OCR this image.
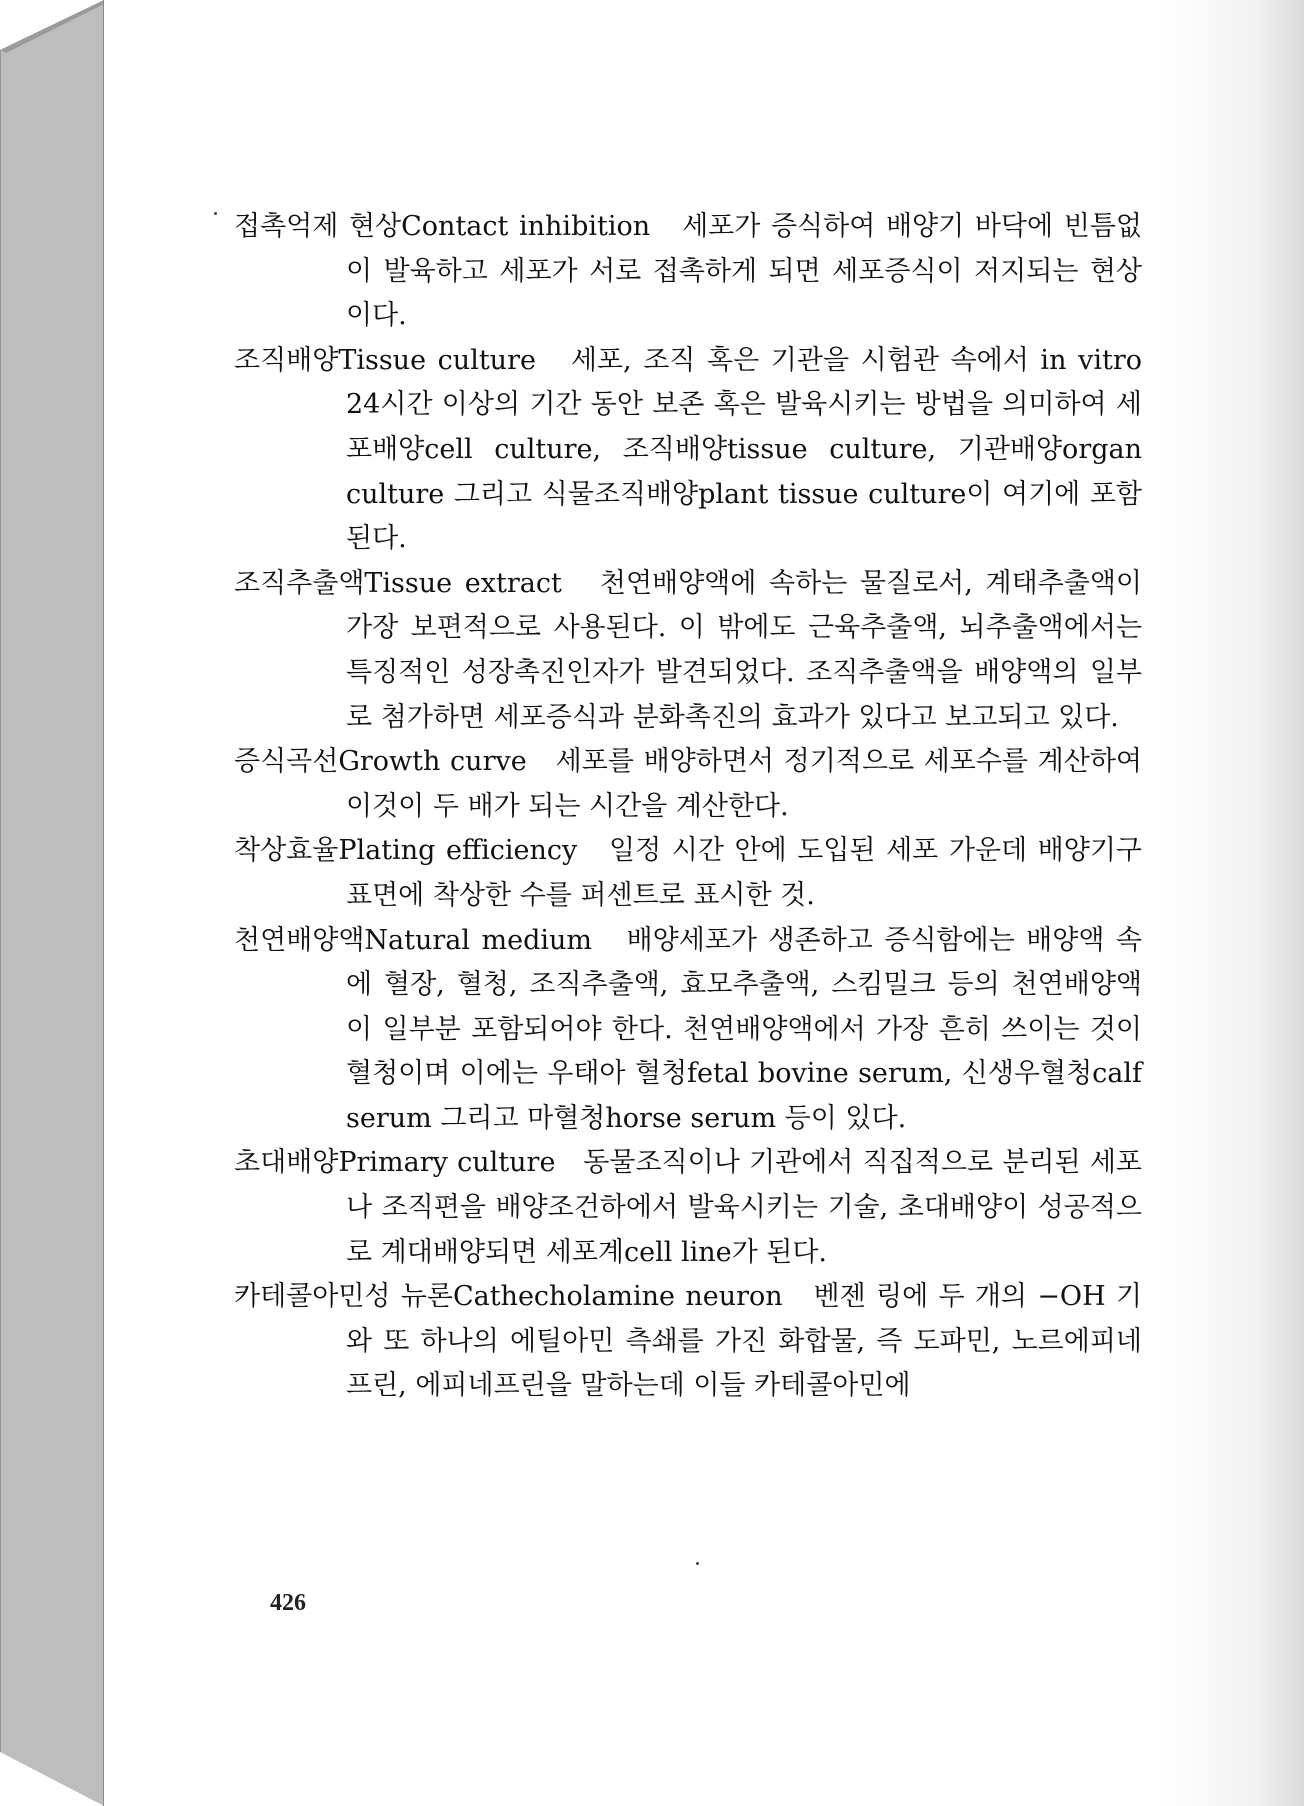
접촉억제 현상Contact inhibition 세포가 증식하여 배양기 바닥에 빈틈없이 발육하고 세포가 서로 접촉하게 되면 세포증식이 저지되는 현상이다.

조직배양Tissue culture 세포, 조직 혹은 기관을 시험관 속에서 in vitro 24시간 이상의 기간 동안 보존 혹은 발육시키는 방법을 의미하여 세포배양cell culture, 조직배양tissue culture, 기관배양organ culture 그리고 식물조직배양plant tissue culture이 여기에 포함된다.

조직추출액Tissue extract 천연배양액에 속하는 물질로서, 계태추출액이 가장 보편적으로 사용된다. 이 밖에도 근육추출액, 뇌추출액에서는 특징적인 성장촉진인자가 발견되었다. 조직추출액을 배양액의 일부로 첨가하면 세포증식과 분화촉진의 효과가 있다고 보고되고 있다.

증식곡선Growth curve 세포를 배양하면서 정기적으로 세포수를 계산하여 이것이 두 배가 되는 시간을 계산한다.

착상효율Plating efficiency 일정 시간 안에 도입된 세포 가운데 배양기구 표면에 착상한 수를 퍼센트로 표시한 것.

천연배양액Natural medium 배양세포가 생존하고 증식함에는 배양액 속에 혈장, 혈청, 조직추출액, 효모추출액, 스킴밀크 등의 천연배양액이 일부분 포함되어야 한다. 천연배양액에서 가장 흔히 쓰이는 것이 혈청이며 이에는 우태아 혈청fetal bovine serum, 신생우혈청calf serum 그리고 마혈청horse serum 등이 있다.

초대배양Primary culture 동물조직이나 기관에서 직집적으로 분리된 세포나 조직편을 배양조건하에서 발육시키는 기술, 초대배양이 성공적으로 계대배양되면 세포계cell line가 된다.

카테콜아민성 뉴론Cathecholamine neuron 벤젠 링에 두 개의 −OH 기와 또 하나의 에틸아민 측쇄를 가진 화합물, 즉 도파민, 노르에피네프린, 에피네프린을 말하는데 이들 카테콜아민에

426
